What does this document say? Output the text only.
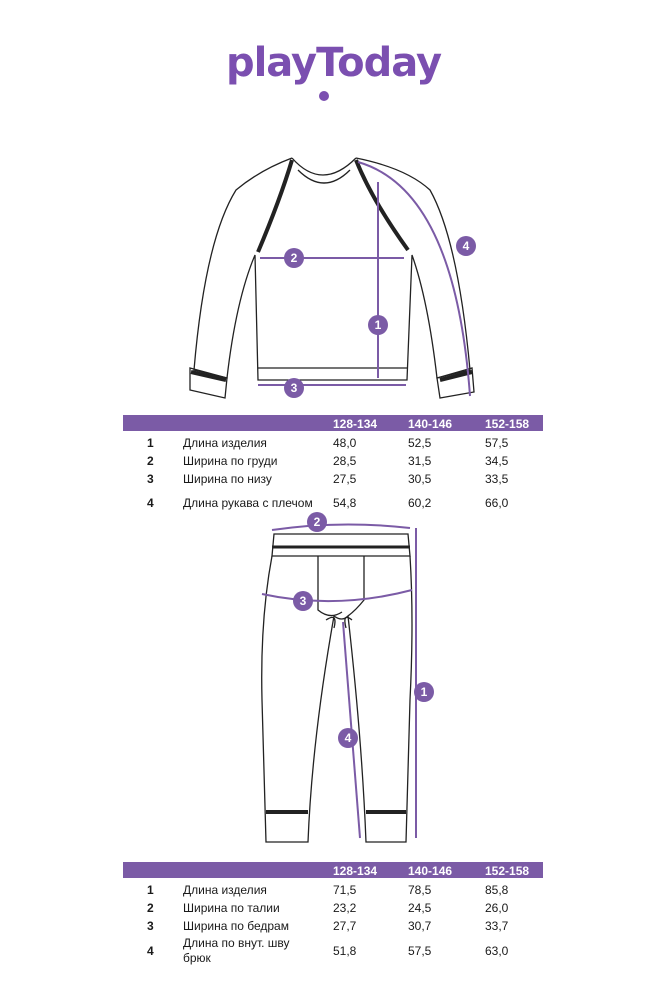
playToday
2
1
3
4
128-134	140-146	152-158
1 Длина изделия	48,0	52,5	57,5
2 Ширина по груди	28,5	31,5	34,5
3 Ширина по низу	27,5	30,5	33,5
4 Длина рукава с плечом 54,8	60,2	66,0
2
3
1
4
128-134	140-146	152-158
1 Длина изделия	71,5	78,5	85,8
2 Ширина по талии	23,2	24,5	26,0
3 Ширина по бедрам	27,7	30,7	33,7
4
Длина по внут. шву
брюк	51,8	57,5	63,0
